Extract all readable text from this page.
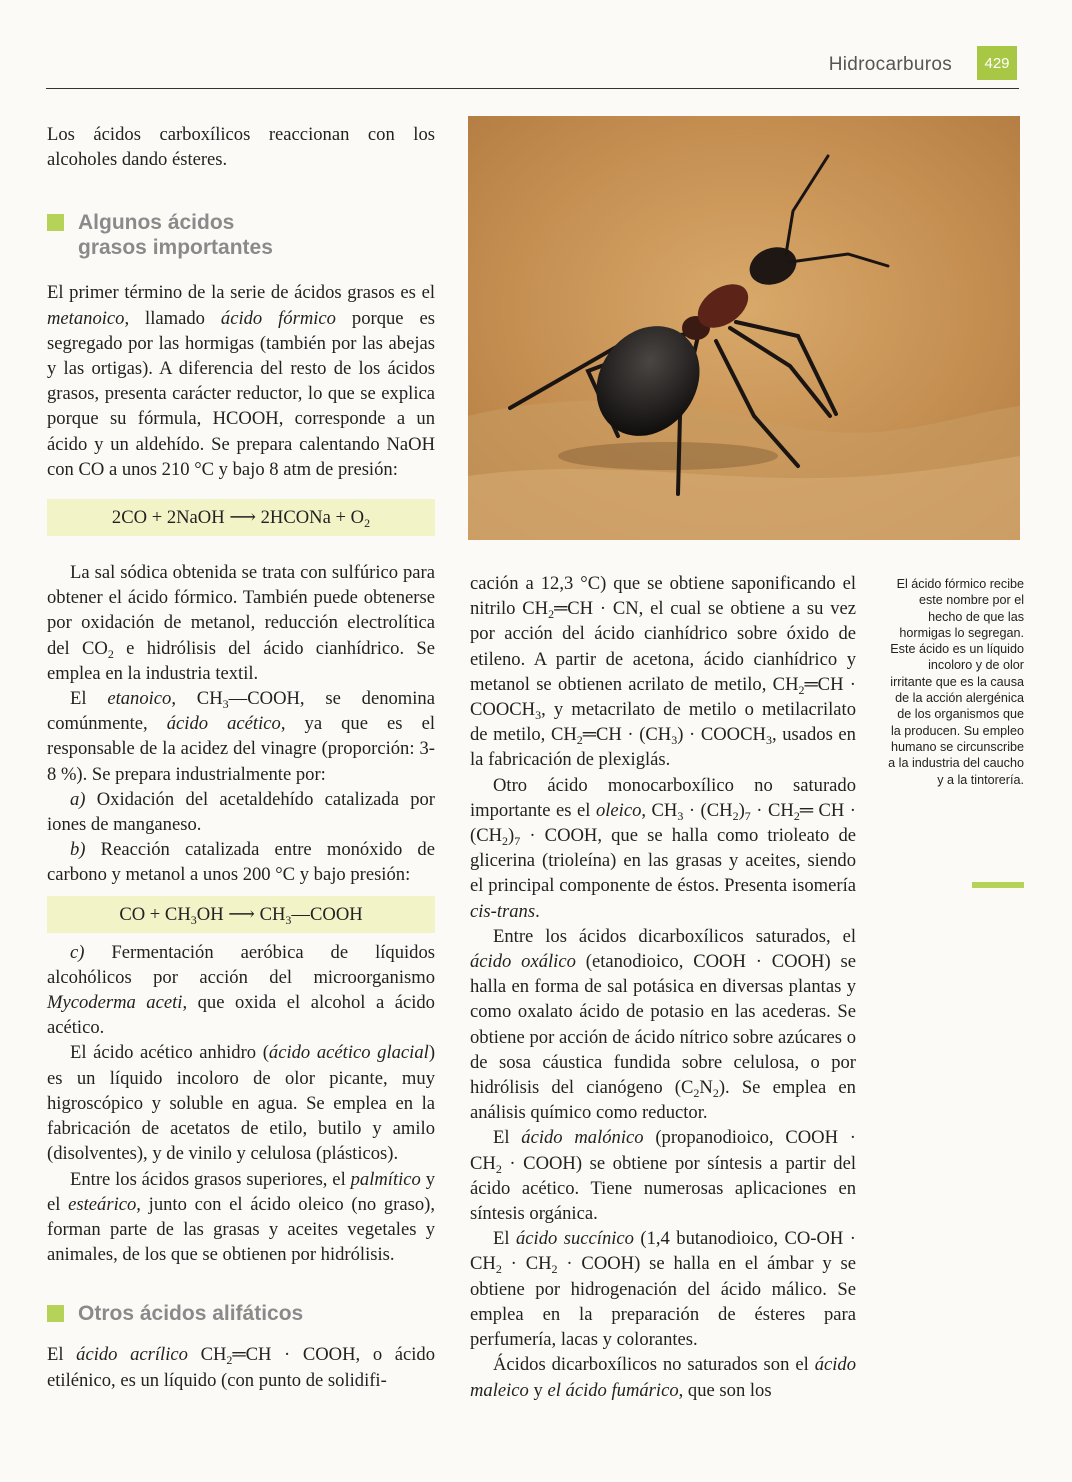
Hidrocarburos	429

Los ácidos carboxílicos reaccionan con los alcoholes dando ésteres.

Algunos ácidos
grasos importantes

El primer término de la serie de ácidos grasos es el metanoico, llamado ácido fórmico porque es segregado por las hormigas (también por las abejas y las ortigas). A diferencia del resto de los ácidos grasos, presenta carácter reductor, lo que se explica porque su fórmula, HCOOH, corresponde a un ácido y un aldehído. Se prepara calentando NaOH con CO a unos 210 °C y bajo 8 atm de presión:

2CO + 2NaOH ⟶ 2HCONa + $O_2$

La sal sódica obtenida se trata con sulfúrico para obtener el ácido fórmico. También puede obtenerse por oxidación de metanol, reducción electrolítica del $CO_2$ e hidrólisis del ácido cianhídrico. Se emplea en la industria textil.

El etanoico, $CH_3—COOH$, se denomina comúnmente, ácido acético, ya que es el responsable de la acidez del vinagre (proporción: 3-8 %). Se prepara industrialmente por:

a) Oxidación del acetaldehído catalizada por iones de manganeso.

b) Reacción catalizada entre monóxido de carbono y metanol a unos 200 °C y bajo presión:

CO + $CH_3OH$ ⟶ $CH_3—COOH$

c) Fermentación aeróbica de líquidos alcohólicos por acción del microorganismo Mycoderma aceti, que oxida el alcohol a ácido acético.

El ácido acético anhidro (ácido acético glacial) es un líquido incoloro de olor picante, muy higroscópico y soluble en agua. Se emplea en la fabricación de acetatos de etilo, butilo y amilo (disolventes), y de vinilo y celulosa (plásticos).

Entre los ácidos grasos superiores, el palmítico y el esteárico, junto con el ácido oleico (no graso), forman parte de las grasas y aceites vegetales y animales, de los que se obtienen por hidrólisis.

Otros ácidos alifáticos

El ácido acrílico $CH_2═CH$ · COOH, o ácido etilénico, es un líquido (con punto de solidifi-

cación a 12,3 °C) que se obtiene saponificando el nitrilo $CH_2═CH$ · CN, el cual se obtiene a su vez por acción del ácido cianhídrico sobre óxido de etileno. A partir de acetona, ácido cianhídrico y metanol se obtienen acrilato de metilo, $CH_2═CH$ · $COOCH_3$, y metacrilato de metilo o metilacrilato de metilo, $CH_2═CH \cdot (CH_3)$ · $COOCH_3$, usados en la fabricación de plexiglás.

Otro ácido monocarboxílico no saturado importante es el oleico, $CH_3 \cdot (CH_2)_7$ · $CH_2═$ CH · $(CH_2)_7$ · COOH, que se halla como trioleato de glicerina (trioleína) en las grasas y aceites, siendo el principal componente de éstos. Presenta isomería cis-trans.

Entre los ácidos dicarboxílicos saturados, el ácido oxálico (etanodioico, COOH · COOH) se halla en forma de sal potásica en diversas plantas y como oxalato ácido de potasio en las acederas. Se obtiene por acción de ácido nítrico sobre azúcares o de sosa cáustica fundida sobre celulosa, o por hidrólisis del cianógeno $(C_2N_2)$. Se emplea en análisis químico como reductor.

El ácido malónico (propanodioico, COOH · $CH_2$ · COOH) se obtiene por síntesis a partir del ácido acético. Tiene numerosas aplicaciones en síntesis orgánica.

El ácido succínico (1,4 butanodioico, $CO-OH \cdot CH_2 \cdot CH_2$ · COOH) se halla en el ámbar y se obtiene por hidrogenación del ácido málico. Se emplea en la preparación de ésteres para perfumería, lacas y colorantes.

Ácidos dicarboxílicos no saturados son el ácido maleico y el ácido fumárico, que son los

El ácido fórmico recibe este nombre por el hecho de que las hormigas lo segregan. Este ácido es un líquido incoloro y de olor irritante que es la causa de la acción alergénica de los organismos que la producen. Su empleo humano se circunscribe a la industria del caucho y a la tintorería.
